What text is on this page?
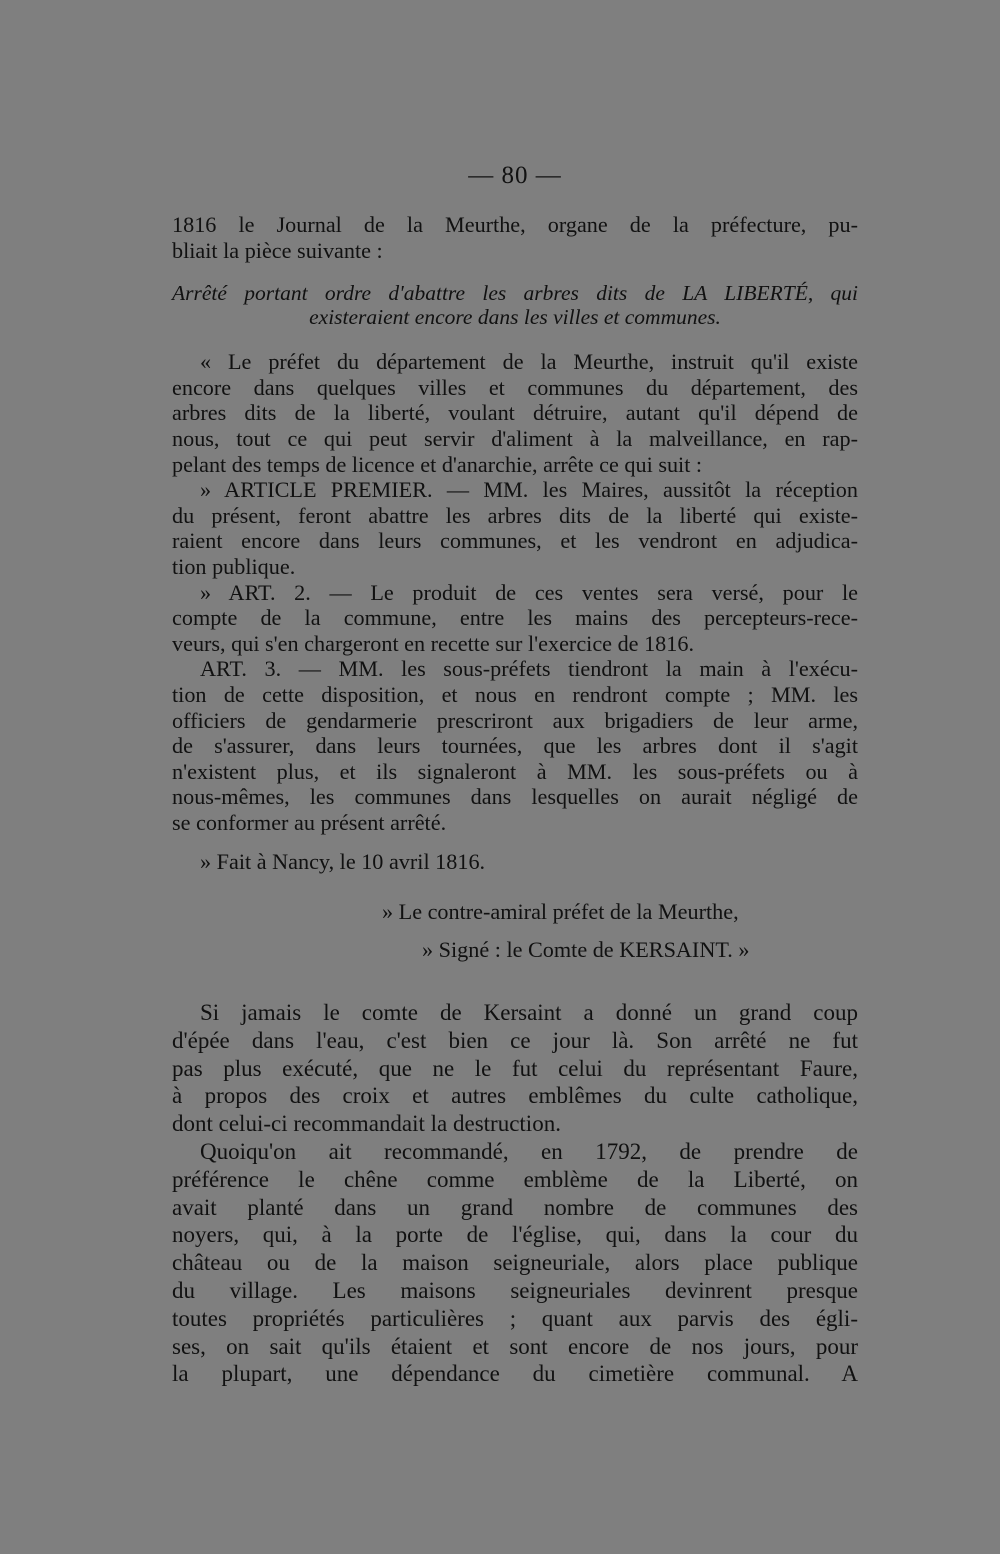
— 80 —

1816 le Journal de la Meurthe, organe de la préfecture, pu-
bliait la pièce suivante :

Arrêté portant ordre d'abattre les arbres dits de LA LIBERTÉ, qui
existeraient encore dans les villes et communes.

« Le préfet du département de la Meurthe, instruit qu'il existe
encore dans quelques villes et communes du département, des
arbres dits de la liberté, voulant détruire, autant qu'il dépend de
nous, tout ce qui peut servir d'aliment à la malveillance, en rap-
pelant des temps de licence et d'anarchie, arrête ce qui suit :
» ARTICLE PREMIER. — MM. les Maires, aussitôt la réception
du présent, feront abattre les arbres dits de la liberté qui existe-
raient encore dans leurs communes, et les vendront en adjudica-
tion publique.
» ART. 2. — Le produit de ces ventes sera versé, pour le
compte de la commune, entre les mains des percepteurs-rece-
veurs, qui s'en chargeront en recette sur l'exercice de 1816.
ART. 3. — MM. les sous-préfets tiendront la main à l'exécu-
tion de cette disposition, et nous en rendront compte ; MM. les
officiers de gendarmerie prescriront aux brigadiers de leur arme,
de s'assurer, dans leurs tournées, que les arbres dont il s'agit
n'existent plus, et ils signaleront à MM. les sous-préfets ou à
nous-mêmes, les communes dans lesquelles on aurait négligé de
se conformer au présent arrêté.

» Fait à Nancy, le 10 avril 1816.

» Le contre-amiral préfet de la Meurthe,
» Signé : le Comte de KERSAINT. »

Si jamais le comte de Kersaint a donné un grand coup
d'épée dans l'eau, c'est bien ce jour là. Son arrêté ne fut
pas plus exécuté, que ne le fut celui du représentant Faure,
à propos des croix et autres emblêmes du culte catholique,
dont celui-ci recommandait la destruction.
Quoiqu'on ait recommandé, en 1792, de prendre de
préférence le chêne comme emblème de la Liberté, on
avait planté dans un grand nombre de communes des
noyers, qui, à la porte de l'église, qui, dans la cour du
château ou de la maison seigneuriale, alors place publique
du village. Les maisons seigneuriales devinrent presque
toutes propriétés particulières ; quant aux parvis des égli-
ses, on sait qu'ils étaient et sont encore de nos jours, pour
la plupart, une dépendance du cimetière communal. A
